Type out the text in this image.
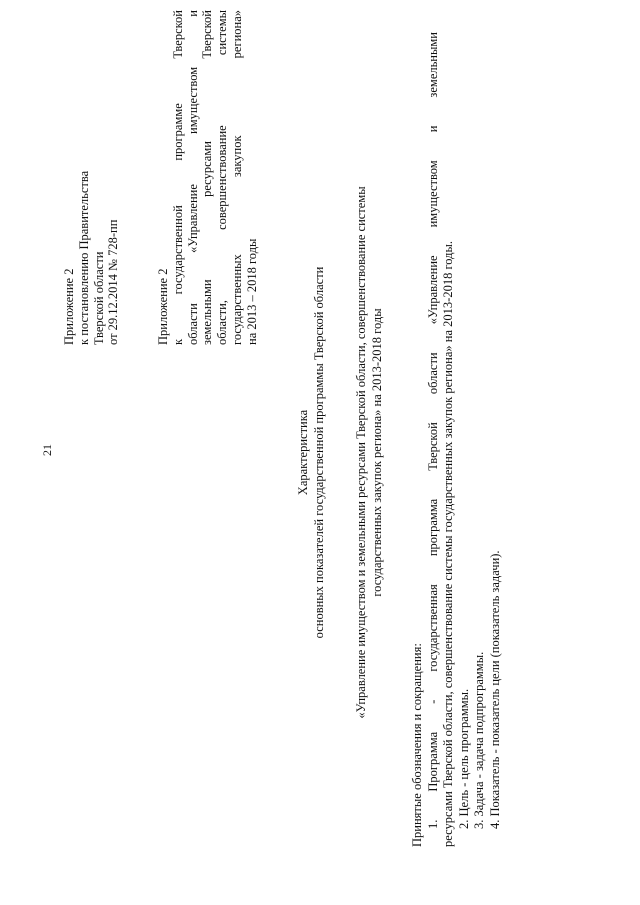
21
Приложение 2 к постановлению Правительства Тверской области от 29.12.2014 № 728-пп	Приложение 2 к государственной программе Тверской области «Управление имуществом и земельными ресурсами Тверской области, совершенствование системы государственных закупок региона» на 2013 – 2018 годы
Характеристика основных показателей государственной программы Тверской области «Управление имуществом и земельными ресурсами Тверской области, совершенствование системы государственных закупок региона» на 2013-2018 годы
Принятые обозначения и сокращения: 1. Программа - государственная программа Тверской области «Управление имуществом и земельными ресурсами Тверской области, совершенствование системы государственных закупок региона» на 2013-2018 годы. 2. Цель - цель программы. 3. Задача - задача подпрограммы. 4. Показатель - показатель цели (показатель задачи).
